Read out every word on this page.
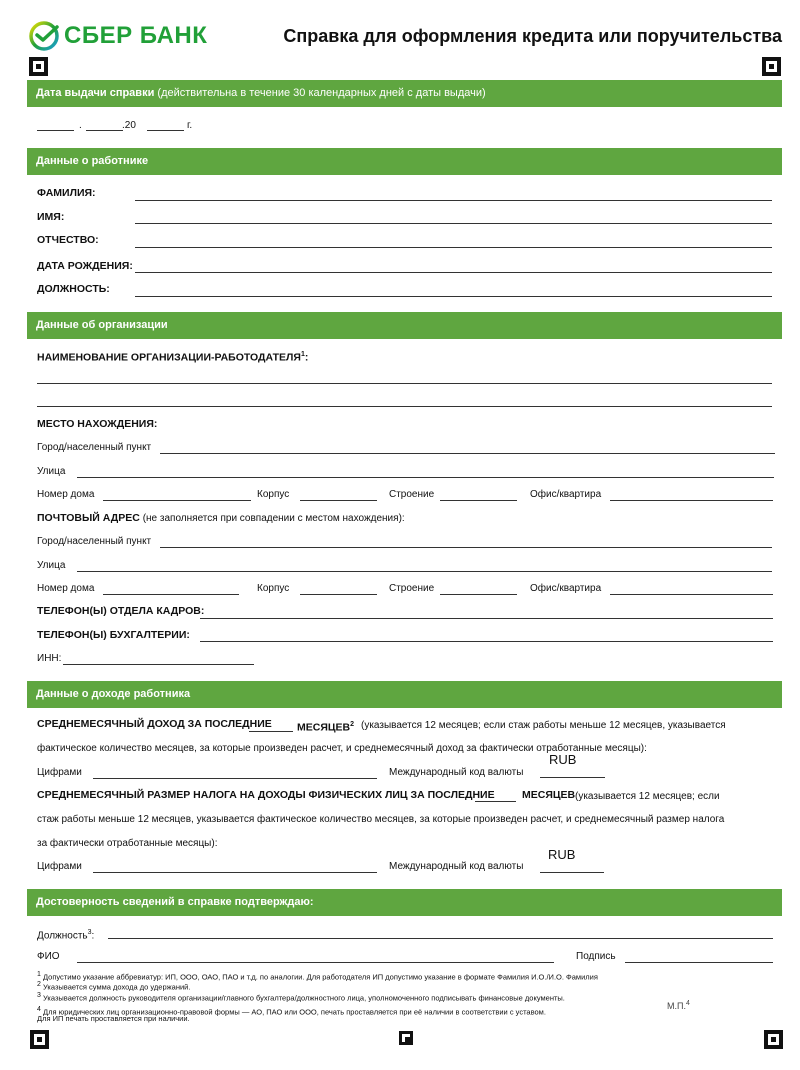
СБЕР БАНК	Справка для оформления кредита или поручительства
Дата выдачи справки (действительна в течение 30 календарных дней с даты выдачи)
.	.20	г.
Данные о работнике
ФАМИЛИЯ:
ИМЯ:
ОТЧЕСТВО:
ДАТА РОЖДЕНИЯ:
ДОЛЖНОСТЬ:
Данные об организации
НАИМЕНОВАНИЕ ОРГАНИЗАЦИИ-РАБОТОДАТЕЛЯ$^1$:
МЕСТО НАХОЖДЕНИЯ:
Город/населенный пункт
Улица
Номер дома	Корпус	Строение	Офис/квартира
ПОЧТОВЫЙ АДРЕС (не заполняется при совпадении с местом нахождения):
Город/населенный пункт
Улица
Номер дома	Корпус	Строение	Офис/квартира
ТЕЛЕФОН(Ы) ОТДЕЛА КАДРОВ:
ТЕЛЕФОН(Ы) БУХГАЛТЕРИИ:
ИНН:
Данные о доходе работника
СРЕДНЕМЕСЯЧНЫЙ ДОХОД ЗА ПОСЛЕДНИЕ МЕСЯЦЕВ$^2$ (указывается 12 месяцев; если стаж работы меньше 12 месяцев, указывается
фактическое количество месяцев, за которые произведен расчет, и среднемесячный доход за фактически отработанные месяцы):
Цифрами	Международный код валюты
RUB
СРЕДНЕМЕСЯЧНЫЙ РАЗМЕР НАЛОГА НА ДОХОДЫ ФИЗИЧЕСКИХ ЛИЦ ЗА ПОСЛЕДНИЕ	МЕСЯЦЕВ (указывается 12 месяцев; если
стаж работы меньше 12 месяцев, указывается фактическое количество месяцев, за которые произведен расчет, и среднемесячный размер налога
за фактически отработанные месяцы):
Цифрами	Международный код валюты
RUB
Достоверность сведений в справке подтверждаю:
Должность$^3$:
ФИО	Подпись
$^1$ Допустимо указание аббревиатур: ИП, ООО, ОАО, ПАО и т.д. по аналогии. Для работодателя ИП допустимо указание в формате Фамилия И.О./И.О. Фамилия
$^2$ Указывается сумма дохода до удержаний.
$^3$ Указывается должность руководителя организации/главного бухгалтера/должностного лица, уполномоченного подписывать финансовые документы.
$^4$ Для юридических лиц организационно-правовой формы — АО, ПАО или ООО, печать проставляется при её наличии в соответствии с уставом.
Для ИП печать проставляется при наличии.
М.П.$^4$
